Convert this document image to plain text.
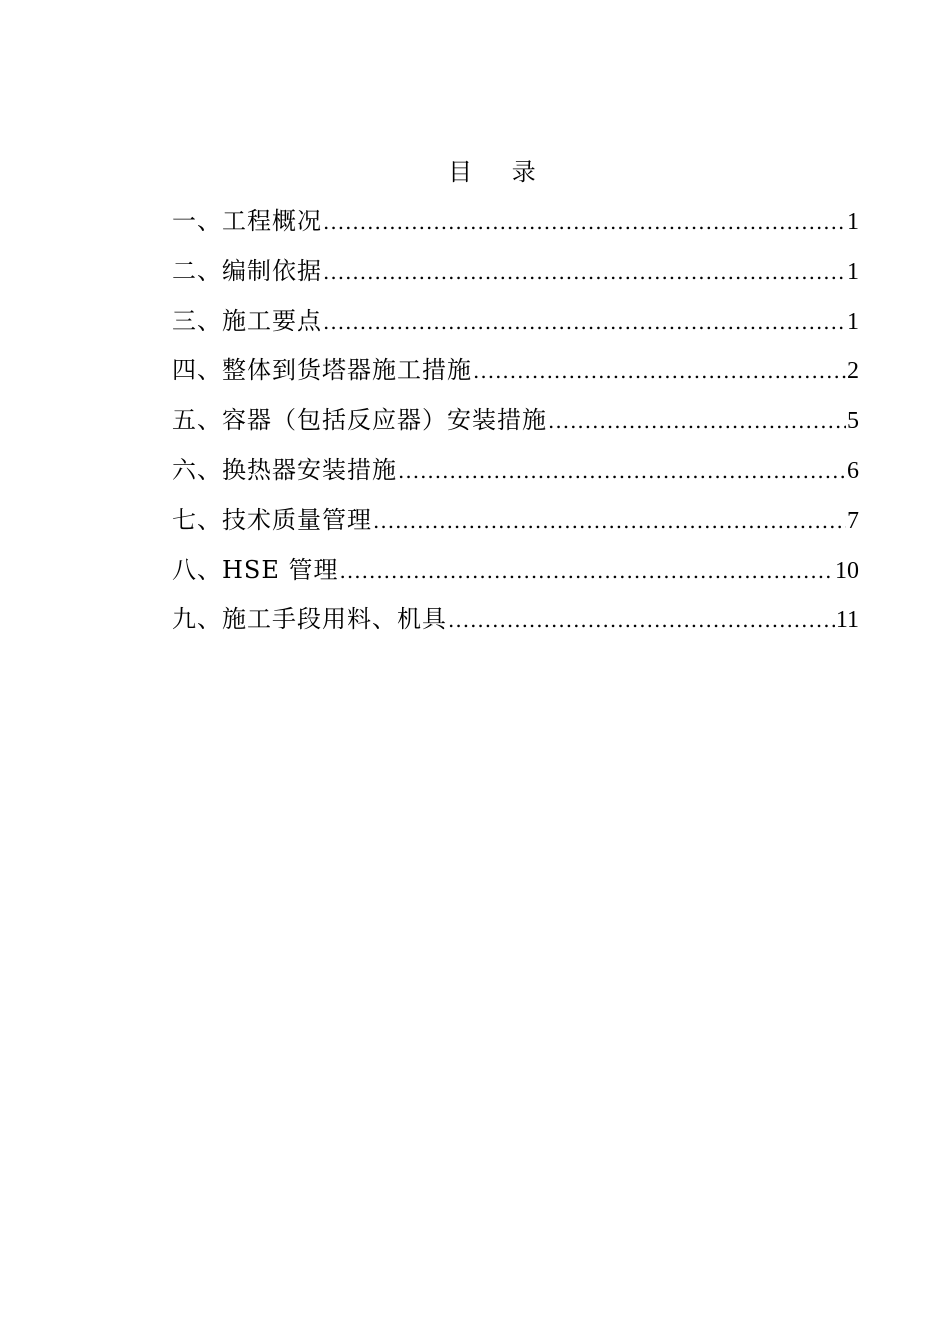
目 录
一、工程概况 .....	1
二、编制依据 .....	1
三、施工要点 .....	1
四、整体到货塔器施工措施 .....	2
五、容器（包括反应器）安装措施 .....	5
六、换热器安装措施 .....	6
七、技术质量管理 .....	7
八、HSE 管理 .....	10
九、施工手段用料、机具 .....	11
